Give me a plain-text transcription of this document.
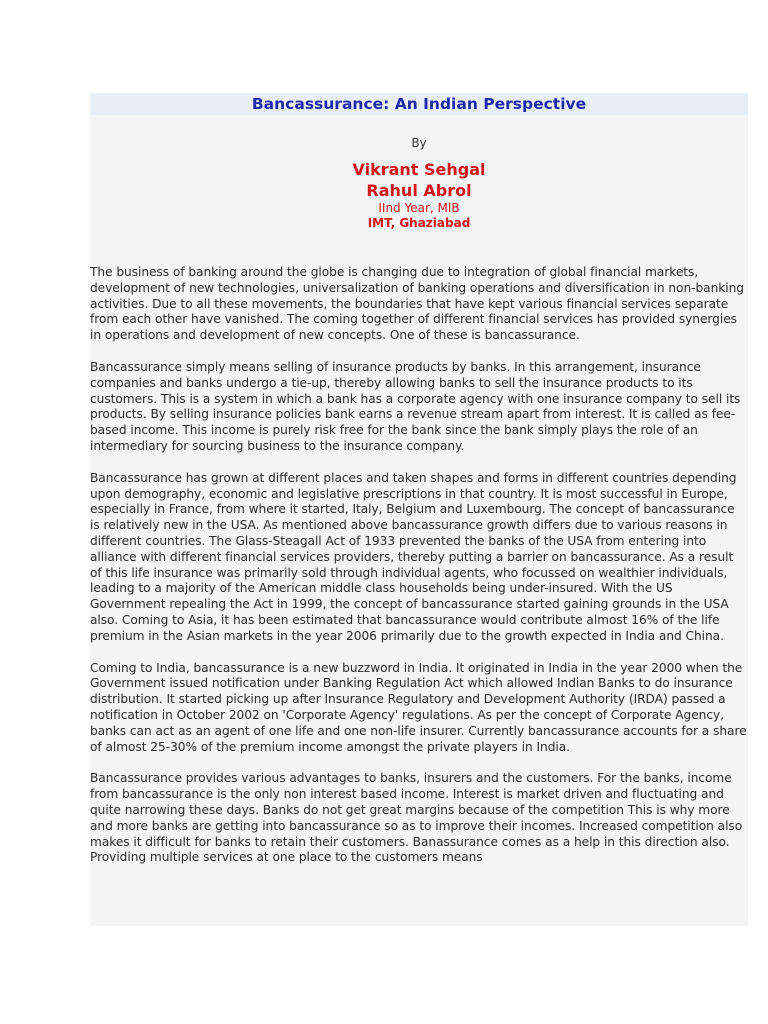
Bancassurance: An Indian Perspective
By
Vikrant Sehgal
Rahul Abrol
IInd Year, MIB
IMT, Ghaziabad

The business of banking around the globe is changing due to integration of global financial markets, development of new technologies, universalization of banking operations and diversification in non-banking activities. Due to all these movements, the boundaries that have kept various financial services separate from each other have vanished. The coming together of different financial services has provided synergies in operations and development of new concepts. One of these is bancassurance.

Bancassurance simply means selling of insurance products by banks. In this arrangement, insurance companies and banks undergo a tie-up, thereby allowing banks to sell the insurance products to its customers. This is a system in which a bank has a corporate agency with one insurance company to sell its products. By selling insurance policies bank earns a revenue stream apart from interest. It is called as fee-based income. This income is purely risk free for the bank since the bank simply plays the role of an intermediary for sourcing business to the insurance company.

Bancassurance has grown at different places and taken shapes and forms in different countries depending upon demography, economic and legislative prescriptions in that country. It is most successful in Europe, especially in France, from where it started, Italy, Belgium and Luxembourg. The concept of bancassurance is relatively new in the USA. As mentioned above bancassurance growth differs due to various reasons in different countries. The Glass-Steagall Act of 1933 prevented the banks of the USA from entering into alliance with different financial services providers, thereby putting a barrier on bancassurance. As a result of this life insurance was primarily sold through individual agents, who focussed on wealthier individuals, leading to a majority of the American middle class households being under-insured. With the US Government repealing the Act in 1999, the concept of bancassurance started gaining grounds in the USA also. Coming to Asia, it has been estimated that bancassurance would contribute almost 16% of the life premium in the Asian markets in the year 2006 primarily due to the growth expected in India and China.

Coming to India, bancassurance is a new buzzword in India. It originated in India in the year 2000 when the Government issued notification under Banking Regulation Act which allowed Indian Banks to do insurance distribution. It started picking up after Insurance Regulatory and Development Authority (IRDA) passed a notification in October 2002 on 'Corporate Agency' regulations. As per the concept of Corporate Agency, banks can act as an agent of one life and one non-life insurer. Currently bancassurance accounts for a share of almost 25-30% of the premium income amongst the private players in India.

Bancassurance provides various advantages to banks, insurers and the customers. For the banks, income from bancassurance is the only non interest based income. Interest is market driven and fluctuating and quite narrowing these days. Banks do not get great margins because of the competition This is why more and more banks are getting into bancassurance so as to improve their incomes. Increased competition also makes it difficult for banks to retain their customers. Banassurance comes as a help in this direction also. Providing multiple services at one place to the customers means
